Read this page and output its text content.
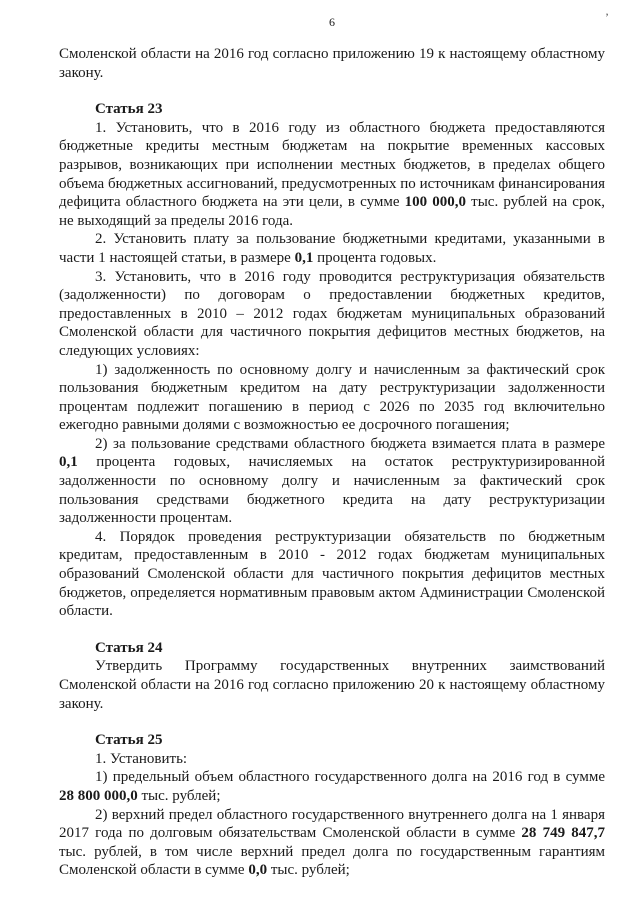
’
6

Смоленской области на 2016 год согласно приложению 19 к настоящему областному закону.

Статья 23

1. Установить, что в 2016 году из областного бюджета предоставляются бюджетные кредиты местным бюджетам на покрытие временных кассовых разрывов, возникающих при исполнении местных бюджетов, в пределах общего объема бюджетных ассигнований, предусмотренных по источникам финансирования дефицита областного бюджета на эти цели, в сумме 100 000,0 тыс. рублей на срок, не выходящий за пределы 2016 года.

2. Установить плату за пользование бюджетными кредитами, указанными в части 1 настоящей статьи, в размере 0,1 процента годовых.

3. Установить, что в 2016 году проводится реструктуризация обязательств (задолженности) по договорам о предоставлении бюджетных кредитов, предоставленных в 2010 – 2012 годах бюджетам муниципальных образований Смоленской области для частичного покрытия дефицитов местных бюджетов, на следующих условиях:

1) задолженность по основному долгу и начисленным за фактический срок пользования бюджетным кредитом на дату реструктуризации задолженности процентам подлежит погашению в период с 2026 по 2035 год включительно ежегодно равными долями с возможностью ее досрочного погашения;

2) за пользование средствами областного бюджета взимается плата в размере 0,1 процента годовых, начисляемых на остаток реструктуризированной задолженности по основному долгу и начисленным за фактический срок пользования средствами бюджетного кредита на дату реструктуризации задолженности процентам.

4. Порядок проведения реструктуризации обязательств по бюджетным кредитам, предоставленным в 2010 - 2012 годах бюджетам муниципальных образований Смоленской области для частичного покрытия дефицитов местных бюджетов, определяется нормативным правовым актом Администрации Смоленской области.

Статья 24

Утвердить Программу государственных внутренних заимствований Смоленской области на 2016 год согласно приложению 20 к настоящему областному закону.

Статья 25

1. Установить:

1) предельный объем областного государственного долга на 2016 год в сумме 28 800 000,0 тыс. рублей;

2) верхний предел областного государственного внутреннего долга на 1 января 2017 года по долговым обязательствам Смоленской области в сумме 28 749 847,7 тыс. рублей, в том числе верхний предел долга по государственным гарантиям Смоленской области в сумме 0,0 тыс. рублей;
